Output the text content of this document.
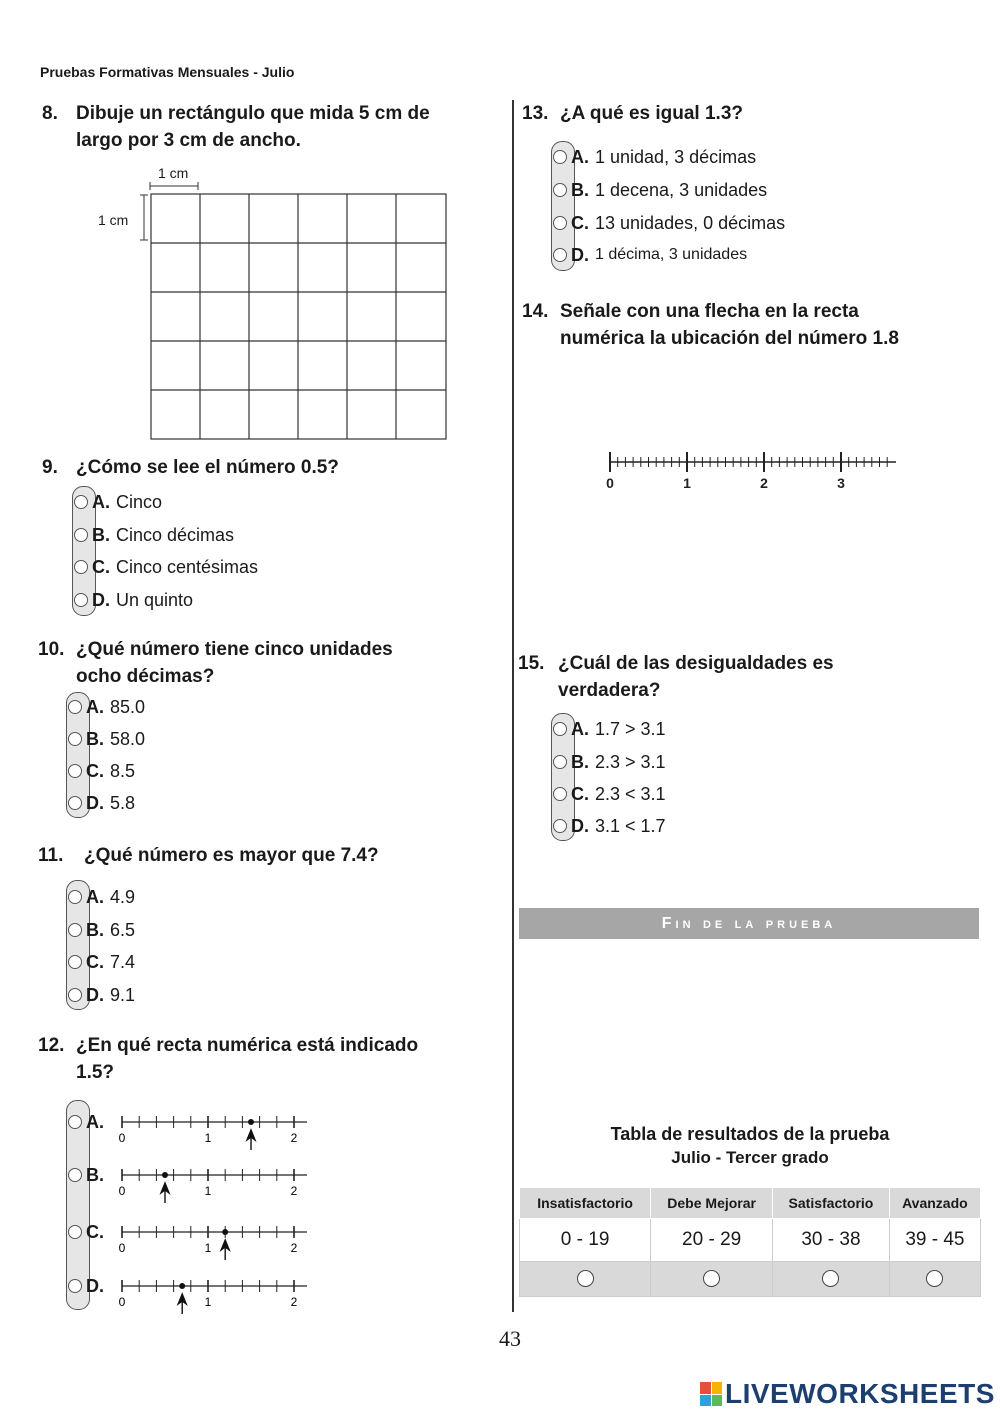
Pruebas Formativas Mensuales - Julio
8. Dibuje un rectángulo que mida 5 cm de
largo por 3 cm de ancho.
1 cm
1 cm
9. ¿Cómo se lee el número 0.5?
A. Cinco
B. Cinco décimas
C. Cinco centésimas
D. Un quinto
10. ¿Qué número tiene cinco unidades
ocho décimas?
A. 85.0
B. 58.0
C. 8.5
D. 5.8
11. ¿Qué número es mayor que 7.4?
A. 4.9
B. 6.5
C. 7.4
D. 9.1
12. ¿En qué recta numérica está indicado
1.5?
A.
0	1	2
B.
0	1	2
C.
0	1	2
D.
0	1	2
13. ¿A qué es igual 1.3?
A. 1 unidad, 3 décimas
B. 1 decena, 3 unidades
C. 13 unidades, 0 décimas
D. 1 décima, 3 unidades
14. Señale con una flecha en la recta
numérica la ubicación del número 1.8
0	1	2	3
15. ¿Cuál de las desigualdades es
verdadera?
A. 1.7 > 3.1
B. 2.3 > 3.1
C. 2.3 < 3.1
D. 3.1 < 1.7
Fin de la prueba
Tabla de resultados de la prueba
Julio - Tercer grado
Insatisfactorio	Debe Mejorar	Satisfactorio	Avanzado
0 - 19	20 - 29	30 - 38	39 - 45

43
LIVEWORKSHEETS
